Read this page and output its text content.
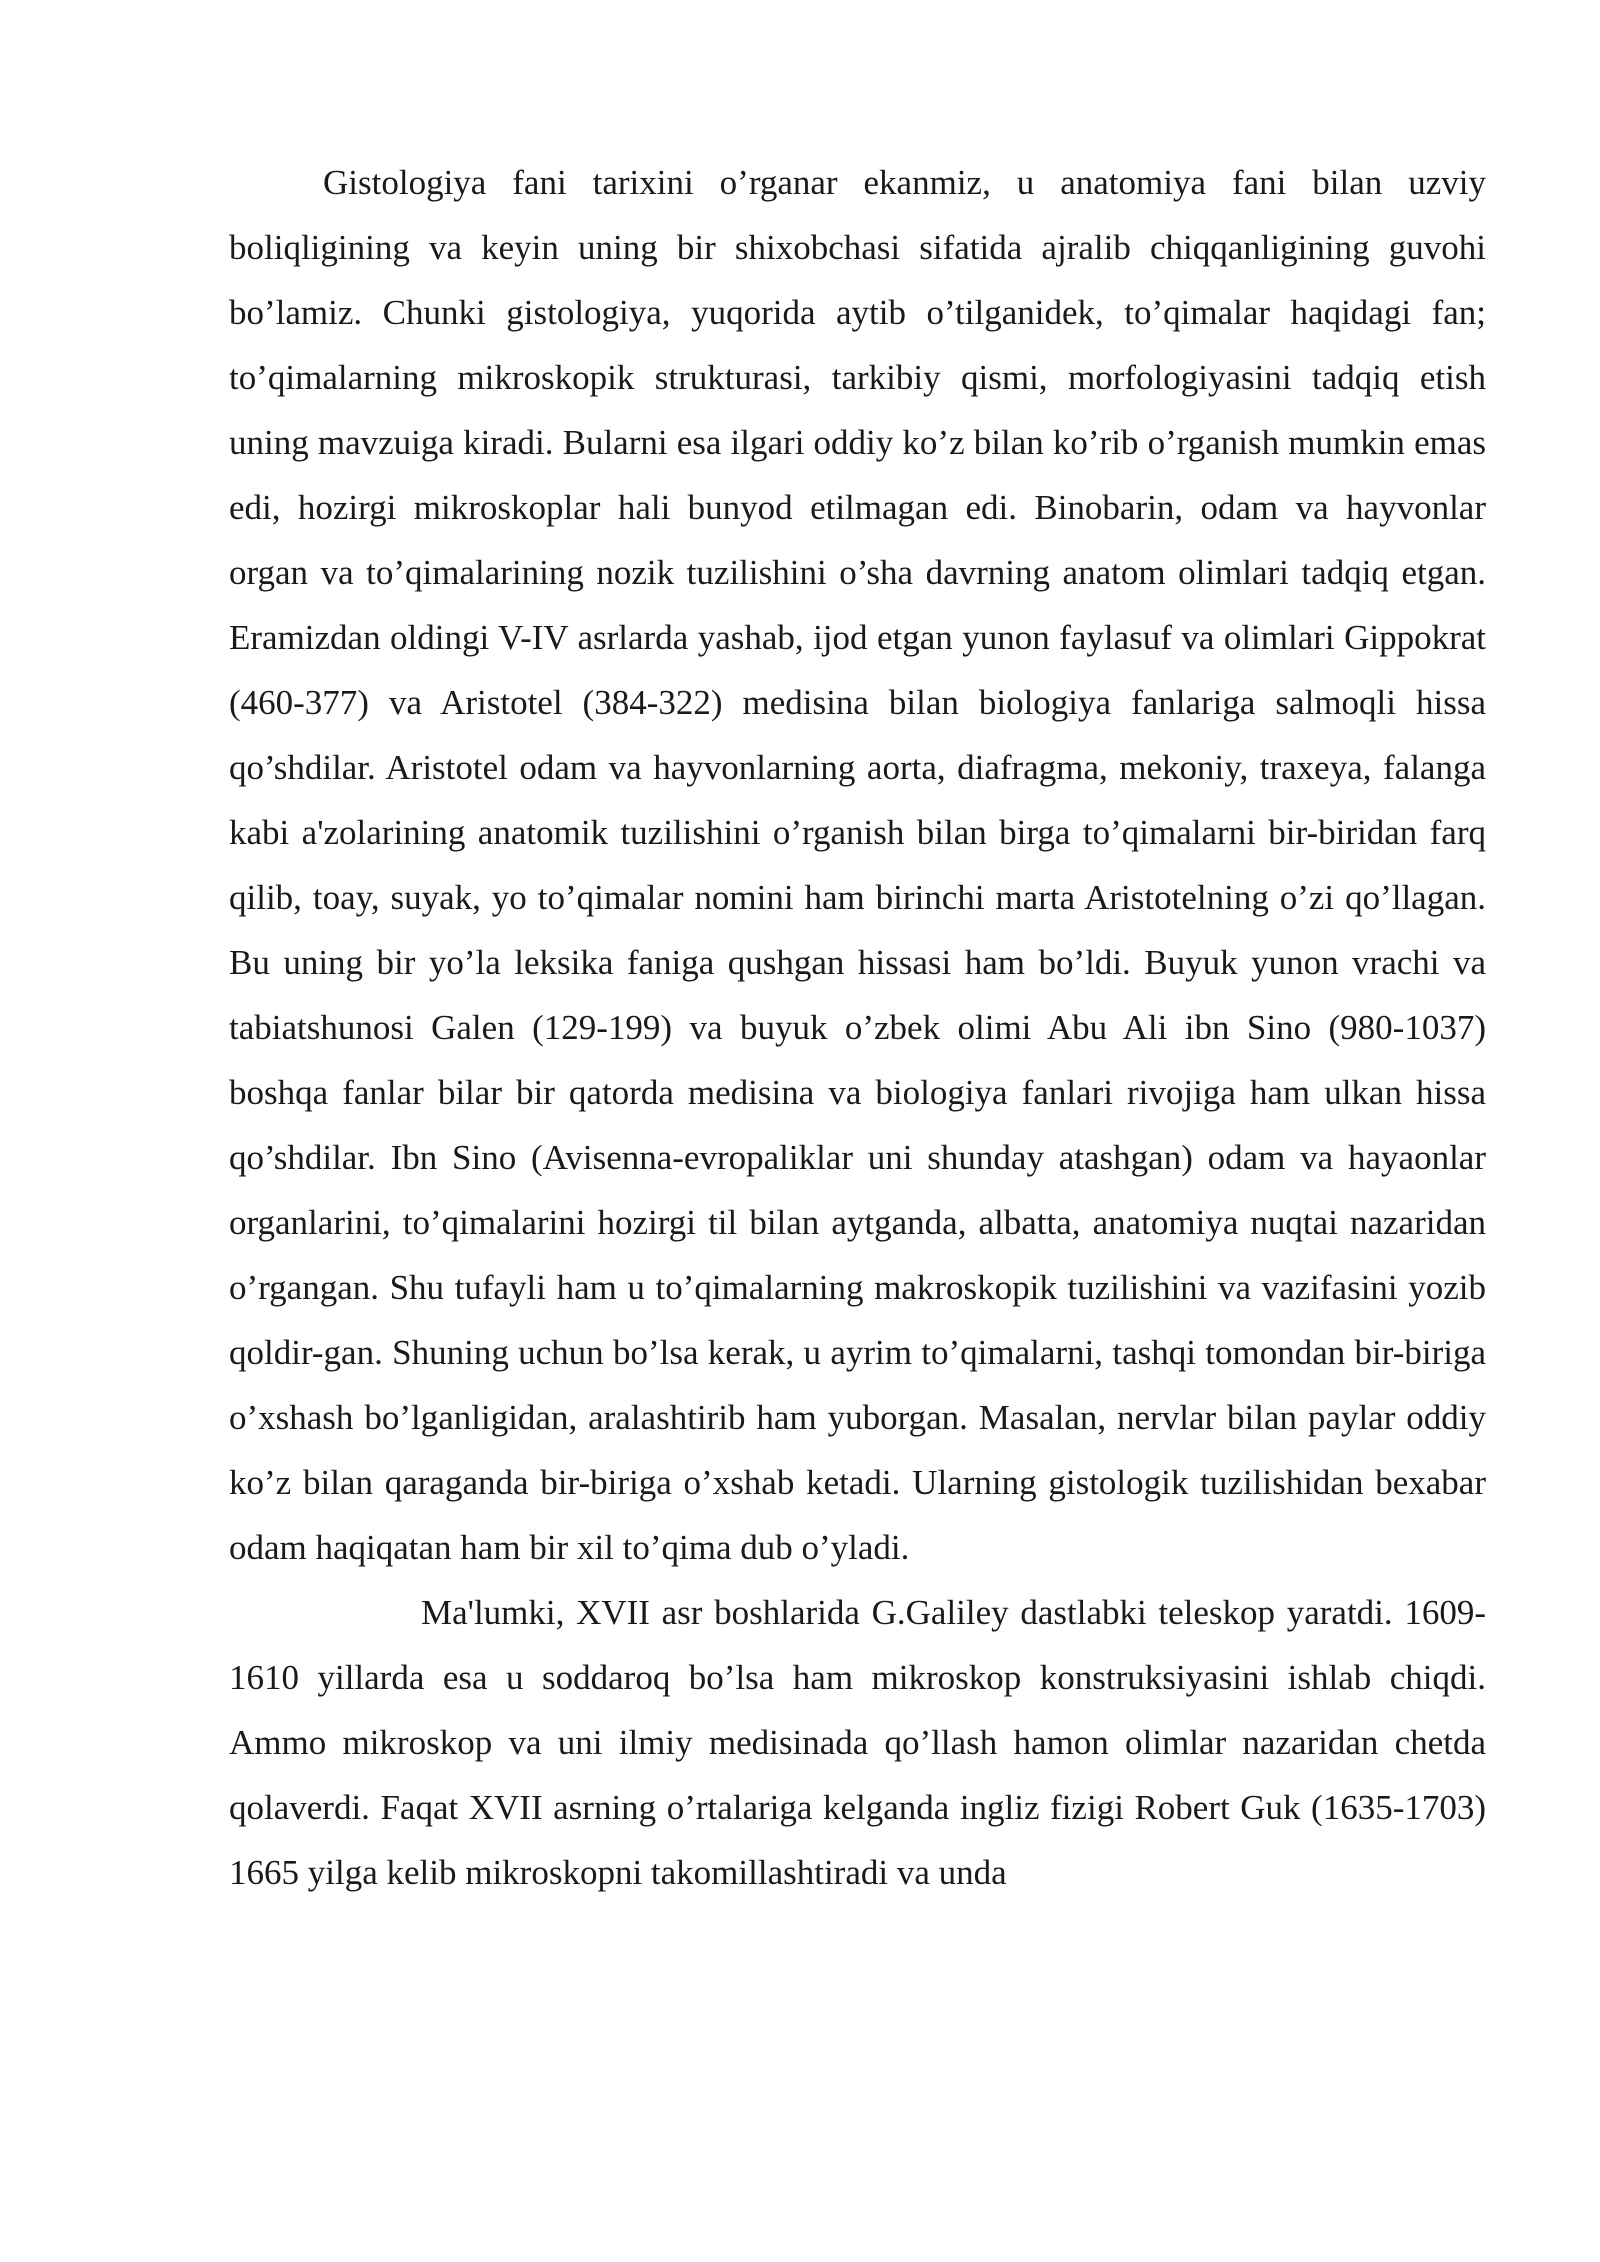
Gistologiya fani tarixini o’rganar ekanmiz, u anatomiya fani bilan uzviy boliqligining va keyin uning bir shixobchasi sifatida ajralib chiqqanligining guvohi bo’lamiz. Chunki gistologiya, yuqorida aytib o’tilganidek, to’qimalar haqidagi fan; to’qimalarning mikroskopik strukturasi, tarkibiy qismi, morfologiyasini tadqiq etish uning mavzuiga kiradi. Bularni esa ilgari oddiy ko’z bilan ko’rib o’rganish mumkin emas edi, hozirgi mikroskoplar hali bunyod etilmagan edi. Binobarin, odam va hayvonlar organ va to’qimalarining nozik tuzilishini o’sha davrning anatom olimlari tadqiq etgan. Eramizdan oldingi V-IV asrlarda yashab, ijod etgan yunon faylasuf va olimlari Gippokrat (460-377) va Aristotel (384-322) medisina bilan biologiya fanlariga salmoqli hissa qo’shdilar. Aristotel odam va hayvonlarning aorta, diafragma, mekoniy, traxeya, falanga kabi a'zolarining anatomik tuzilishini o’rganish bilan birga to’qimalarni bir-biridan farq qilib, toay, suyak, yo to’qimalar nomini ham birinchi marta Aristotelning o’zi qo’llagan. Bu uning bir yo’la leksika faniga qushgan hissasi ham bo’ldi. Buyuk yunon vrachi va tabiatshunosi Galen (129-199) va buyuk o’zbek olimi Abu Ali ibn Sino (980-1037) boshqa fanlar bilar bir qatorda medisina va biologiya fanlari rivojiga ham ulkan hissa qo’shdilar. Ibn Sino (Avisenna-evropaliklar uni shunday atashgan) odam va hayaonlar organlarini, to’qimalarini hozirgi til bilan aytganda, albatta, anatomiya nuqtai nazaridan o’rgangan. Shu tufayli ham u to’qimalarning makroskopik tuzilishini va vazifasini yozib qoldir-gan. Shuning uchun bo’lsa kerak, u ayrim to’qimalarni, tashqi tomondan bir-biriga o’xshash bo’lganligidan, aralashtirib ham yuborgan. Masalan, nervlar bilan paylar oddiy ko’z bilan qaraganda bir-biriga o’xshab ketadi. Ularning gistologik tuzilishidan bexabar odam haqiqatan ham bir xil to’qima dub o’yladi.

Ma'lumki, XVII asr boshlarida G.Galiley dastlabki teleskop yaratdi. 1609-1610 yillarda esa u soddaroq bo’lsa ham mikroskop konstruksiyasini ishlab chiqdi. Ammo mikroskop va uni ilmiy medisinada qo’llash hamon olimlar nazaridan chetda qolaverdi. Faqat XVII asrning o’rtalariga kelganda ingliz fizigi Robert Guk (1635-1703) 1665 yilga kelib mikroskopni takomillashtiradi va unda
